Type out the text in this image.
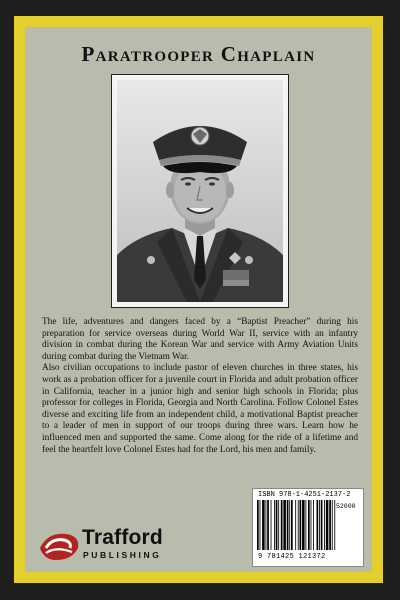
Paratrooper Chaplain

The life, adventures and dangers faced by a “Baptist Preacher” during his preparation for service overseas during World War II, service with an infantry division in combat during the Korean War and service with Army Aviation Units during combat during the Vietnam War.

Also civilian occupations to include pastor of eleven churches in three states, his work as a probation officer for a juvenile court in Florida and adult probation officer in California, teacher in a junior high and senior high schools in Florida; plus professor for colleges in Florida, Georgia and North Carolina. Follow Colonel Estes diverse and exciting life from an independent child, a motivational Baptist preacher to a leader of men in support of our troops during three wars. Learn how he influenced men and supported the same. Come along for the ride of a lifetime and feel the heartfelt love Colonel Estes had for the Lord, his men and family.

ISBN 978-1-4251-2137-2
52000
9 781425 121372
Trafford
PUBLISHING
